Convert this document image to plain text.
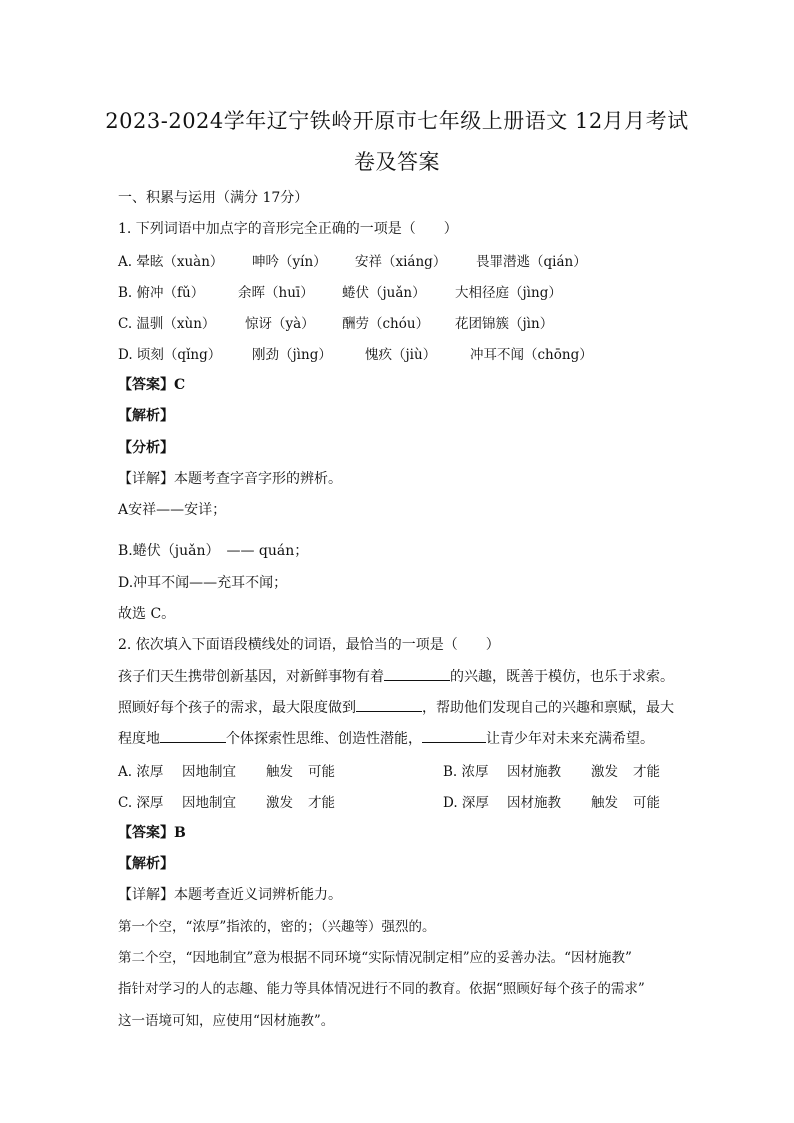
2023-2024学年辽宁铁岭开原市七年级上册语文 12月月考试
卷及答案
一、积累与运用（满分 17分）
1. 下列词语中加点字的音形完全正确的一项是（　　）
A. 晕眩（xuàn） 呻吟（yín） 安祥（xiáng） 畏罪潜逃（qián）
B. 俯冲（fǔ）	余晖（huī） 蜷伏（juǎn） 大相径庭（jìng）
C. 温驯（xùn） 惊讶（yà） 酬劳（chóu） 花团锦簇（jìn）
D. 顷刻（qǐng） 刚劲（jìng） 愧疚（jiù）	冲耳不闻（chōng）
【答案】C
【解析】
【分析】
【详解】本题考查字音字形的辨析。
A安祥——安详；
B.蜷伏（juǎn）　—— quán；
D.冲耳不闻——充耳不闻；
故选 C。
2. 依次填入下面语段横线处的词语，最恰当的一项是（　　）
孩子们天生携带创新基因，对新鲜事物有着	的兴趣，既善于模仿，也乐于求索。
照顾好每个孩子的需求，最大限度做到	，帮助他们发现自己的兴趣和禀赋，最大
程度地	个体探索性思维、创造性潜能，	让青少年对未来充满希望。
A. 浓厚 因地制宜 触发 可能	B. 浓厚 因材施教 激发 才能
C. 深厚 因地制宜 激发 才能	D. 深厚 因材施教 触发 可能
【答案】B
【解析】
【详解】本题考查近义词辨析能力。
第一个空，“浓厚”指浓的，密的；（兴趣等）强烈的。
第二个空，“因地制宜”意为根据不同环境“实际情况制定相”应的妥善办法。“因材施教”
指针对学习的人的志趣、能力等具体情况进行不同的教育。依据“照顾好每个孩子的需求”
这一语境可知，应使用“因材施教”。
